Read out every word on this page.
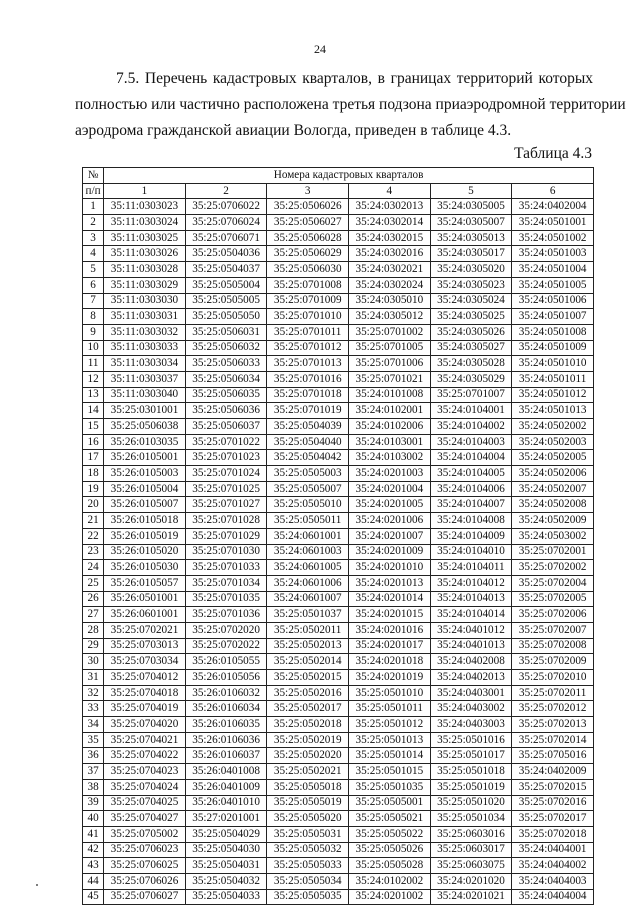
24
7.5. Перечень кадастровых кварталов, в границах территорий которых
полностью или частично расположена третья подзона приаэродромной территории
аэродрома гражданской авиации Вологда, приведен в таблице 4.3.
Таблица 4.3
№	Номера кадастровых кварталов					
п/п	1	2	3	4	5	6
1	35:11:0303023	35:25:0706022	35:25:0506026	35:24:0302013	35:24:0305005	35:24:0402004
2	35:11:0303024	35:25:0706024	35:25:0506027	35:24:0302014	35:24:0305007	35:24:0501001
3	35:11:0303025	35:25:0706071	35:25:0506028	35:24:0302015	35:24:0305013	35:24:0501002
4	35:11:0303026	35:25:0504036	35:25:0506029	35:24:0302016	35:24:0305017	35:24:0501003
5	35:11:0303028	35:25:0504037	35:25:0506030	35:24:0302021	35:24:0305020	35:24:0501004
6	35:11:0303029	35:25:0505004	35:25:0701008	35:24:0302024	35:24:0305023	35:24:0501005
7	35:11:0303030	35:25:0505005	35:25:0701009	35:24:0305010	35:24:0305024	35:24:0501006
8	35:11:0303031	35:25:0505050	35:25:0701010	35:24:0305012	35:24:0305025	35:24:0501007
9	35:11:0303032	35:25:0506031	35:25:0701011	35:25:0701002	35:24:0305026	35:24:0501008
10	35:11:0303033	35:25:0506032	35:25:0701012	35:25:0701005	35:24:0305027	35:24:0501009
11	35:11:0303034	35:25:0506033	35:25:0701013	35:25:0701006	35:24:0305028	35:24:0501010
12	35:11:0303037	35:25:0506034	35:25:0701016	35:25:0701021	35:24:0305029	35:24:0501011
13	35:11:0303040	35:25:0506035	35:25:0701018	35:24:0101008	35:25:0701007	35:24:0501012
14	35:25:0301001	35:25:0506036	35:25:0701019	35:24:0102001	35:24:0104001	35:24:0501013
15	35:25:0506038	35:25:0506037	35:25:0504039	35:24:0102006	35:24:0104002	35:24:0502002
16	35:26:0103035	35:25:0701022	35:25:0504040	35:24:0103001	35:24:0104003	35:24:0502003
17	35:26:0105001	35:25:0701023	35:25:0504042	35:24:0103002	35:24:0104004	35:24:0502005
18	35:26:0105003	35:25:0701024	35:25:0505003	35:24:0201003	35:24:0104005	35:24:0502006
19	35:26:0105004	35:25:0701025	35:25:0505007	35:24:0201004	35:24:0104006	35:24:0502007
20	35:26:0105007	35:25:0701027	35:25:0505010	35:24:0201005	35:24:0104007	35:24:0502008
21	35:26:0105018	35:25:0701028	35:25:0505011	35:24:0201006	35:24:0104008	35:24:0502009
22	35:26:0105019	35:25:0701029	35:24:0601001	35:24:0201007	35:24:0104009	35:24:0503002
23	35:26:0105020	35:25:0701030	35:24:0601003	35:24:0201009	35:24:0104010	35:25:0702001
24	35:26:0105030	35:25:0701033	35:24:0601005	35:24:0201010	35:24:0104011	35:25:0702002
25	35:26:0105057	35:25:0701034	35:24:0601006	35:24:0201013	35:24:0104012	35:25:0702004
26	35:26:0501001	35:25:0701035	35:24:0601007	35:24:0201014	35:24:0104013	35:25:0702005
27	35:26:0601001	35:25:0701036	35:25:0501037	35:24:0201015	35:24:0104014	35:25:0702006
28	35:25:0702021	35:25:0702020	35:25:0502011	35:24:0201016	35:24:0401012	35:25:0702007
29	35:25:0703013	35:25:0702022	35:25:0502013	35:24:0201017	35:24:0401013	35:25:0702008
30	35:25:0703034	35:26:0105055	35:25:0502014	35:24:0201018	35:24:0402008	35:25:0702009
31	35:25:0704012	35:26:0105056	35:25:0502015	35:24:0201019	35:24:0402013	35:25:0702010
32	35:25:0704018	35:26:0106032	35:25:0502016	35:25:0501010	35:24:0403001	35:25:0702011
33	35:25:0704019	35:26:0106034	35:25:0502017	35:25:0501011	35:24:0403002	35:25:0702012
34	35:25:0704020	35:26:0106035	35:25:0502018	35:25:0501012	35:24:0403003	35:25:0702013
35	35:25:0704021	35:26:0106036	35:25:0502019	35:25:0501013	35:25:0501016	35:25:0702014
36	35:25:0704022	35:26:0106037	35:25:0502020	35:25:0501014	35:25:0501017	35:25:0705016
37	35:25:0704023	35:26:0401008	35:25:0502021	35:25:0501015	35:25:0501018	35:24:0402009
38	35:25:0704024	35:26:0401009	35:25:0505018	35:25:0501035	35:25:0501019	35:25:0702015
39	35:25:0704025	35:26:0401010	35:25:0505019	35:25:0505001	35:25:0501020	35:25:0702016
40	35:25:0704027	35:27:0201001	35:25:0505020	35:25:0505021	35:25:0501034	35:25:0702017
41	35:25:0705002	35:25:0504029	35:25:0505031	35:25:0505022	35:25:0603016	35:25:0702018
42	35:25:0706023	35:25:0504030	35:25:0505032	35:25:0505026	35:25:0603017	35:24:0404001
43	35:25:0706025	35:25:0504031	35:25:0505033	35:25:0505028	35:25:0603075	35:24:0404002
44	35:25:0706026	35:25:0504032	35:25:0505034	35:24:0102002	35:24:0201020	35:24:0404003
45	35:25:0706027	35:25:0504033	35:25:0505035	35:24:0201002	35:24:0201021	35:24:0404004
